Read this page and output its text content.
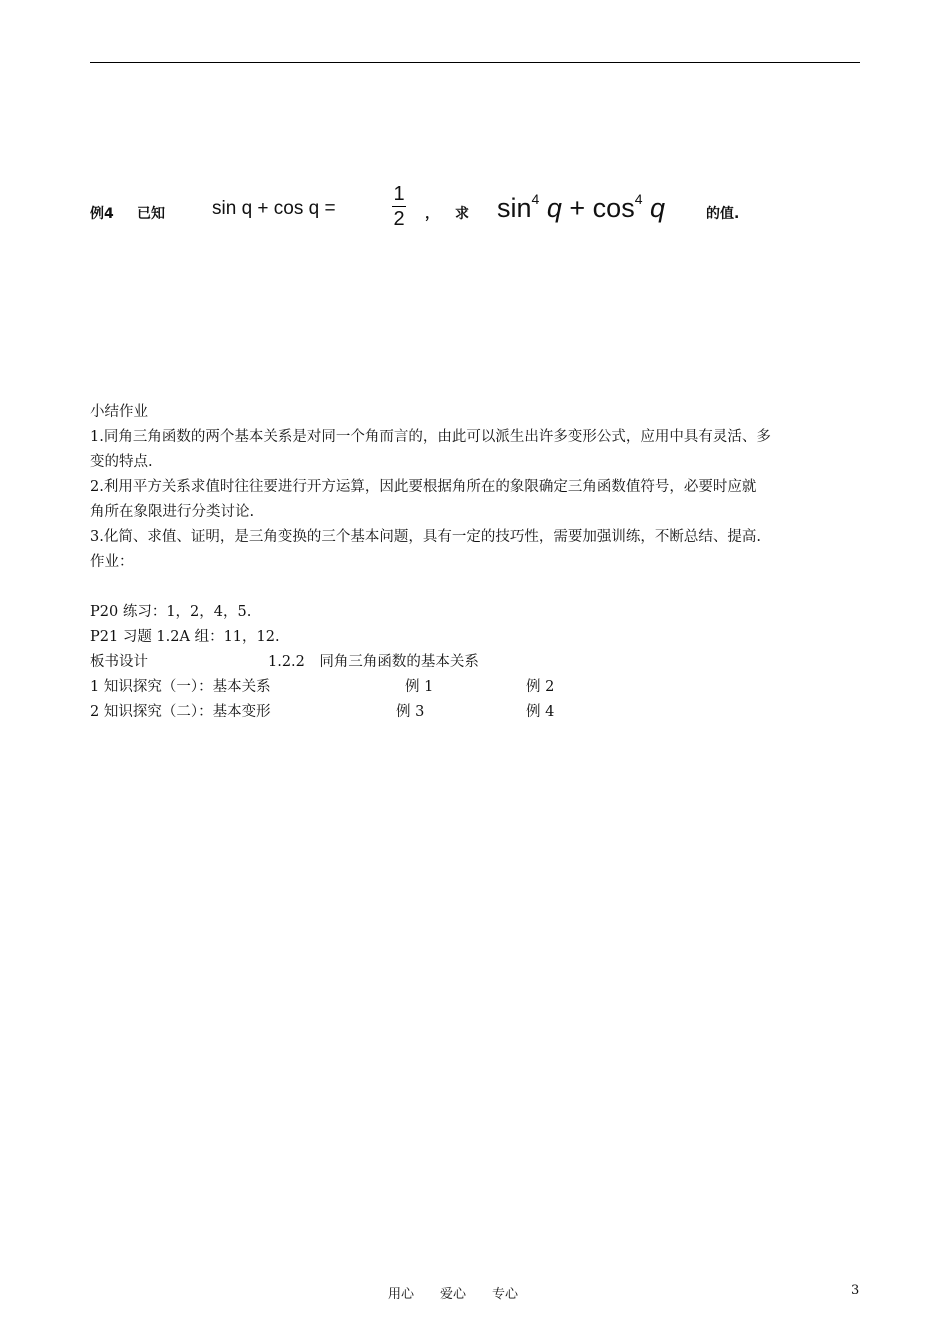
例4 已知 sin q + cos q =
1
2 ， 求 $\sin^4 q + \cos^4 q$	的值.
小结作业
1.同角三角函数的两个基本关系是对同一个角而言的，由此可以派生出许多变形公式，应用中具有灵活、多
变的特点.
2.利用平方关系求值时往往要进行开方运算，因此要根据角所在的象限确定三角函数值符号，必要时应就
角所在象限进行分类讨论.
3.化简、求值、证明，是三角变换的三个基本问题，具有一定的技巧性，需要加强训练，不断总结、提高.
作业：
P20 练习：1，2，4，5.
P21 习题 1.2A 组：11，12.
板书设计	1.2.2　同角三角函数的基本关系
1 知识探究（一）：基本关系	例 1	例 2
2 知识探究（二）：基本变形	例 3	例 4
用心　　爱心　　专心	3
